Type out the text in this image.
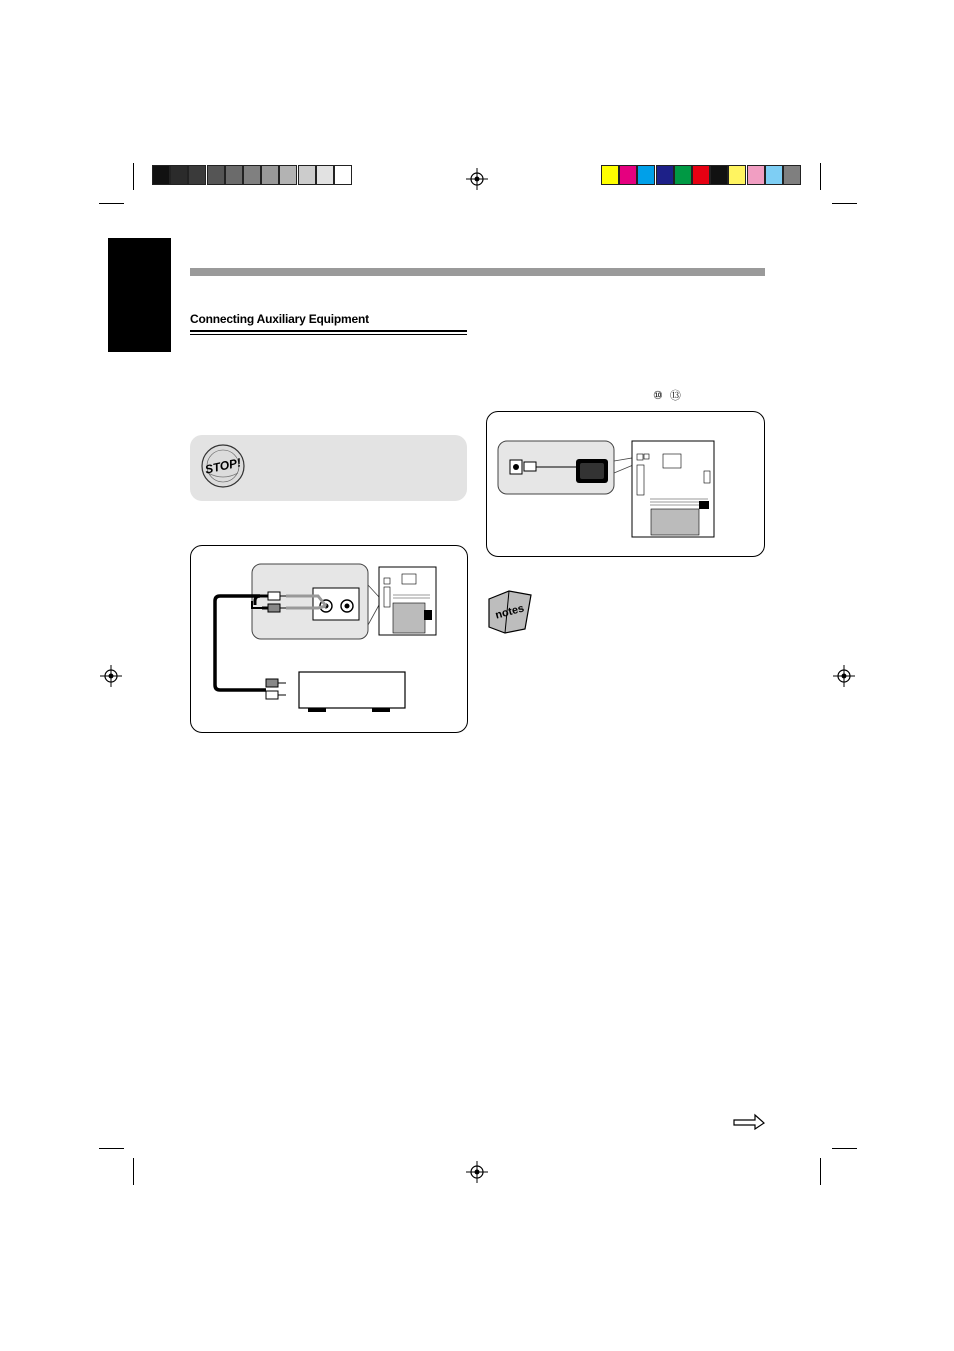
Connecting Auxiliary Equipment
⑩ ⑬
STOP!
notes
